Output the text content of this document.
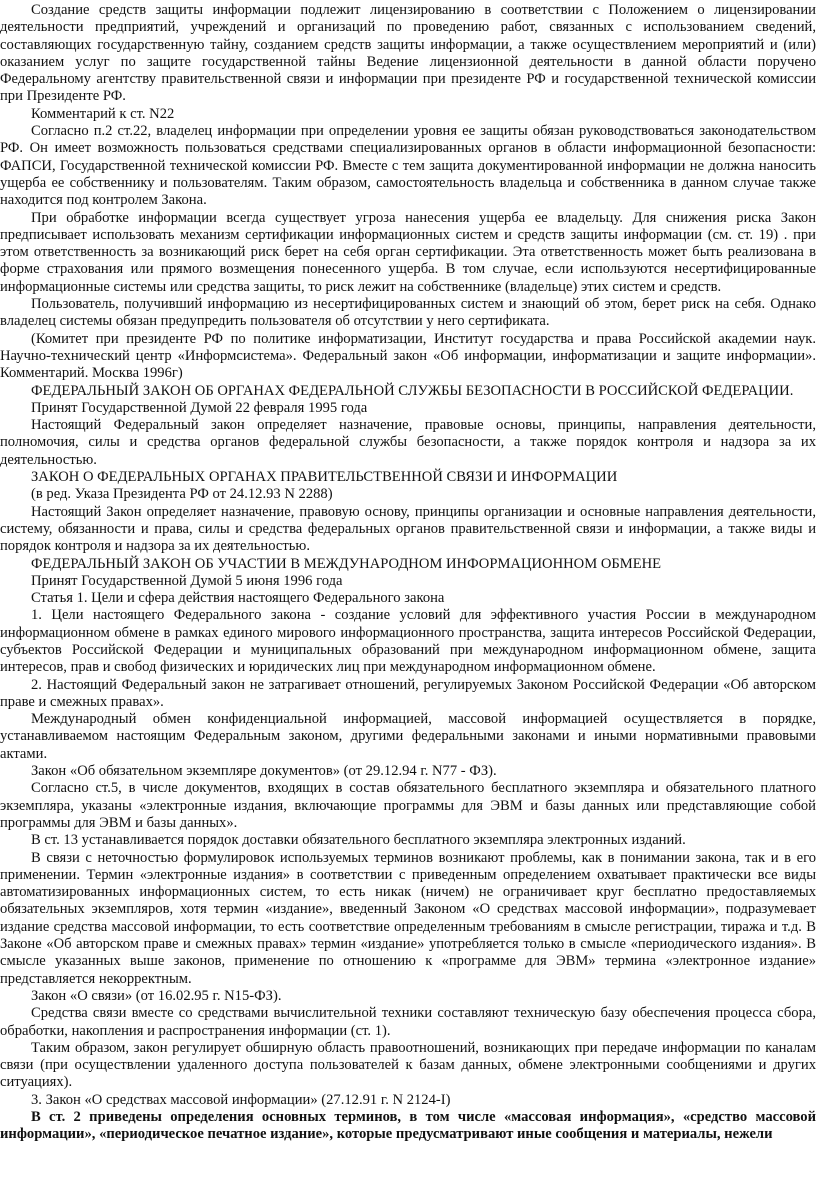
Создание средств защиты информации подлежит лицензированию в соответствии с Положением о лицензировании деятельности предприятий, учреждений и организаций по проведению работ, связанных с использованием сведений, составляющих государственную тайну, созданием средств защиты информации, а также осуществлением мероприятий и (или) оказанием услуг по защите государственной тайны Ведение лицензионной деятельности в данной области поручено Федеральному агентству правительственной связи и информации при президенте РФ и государственной технической комиссии при Президенте РФ.

Комментарий к ст. N22

Согласно п.2 ст.22, владелец информации при определении уровня ее защиты обязан руководствоваться законодательством РФ. Он имеет возможность пользоваться средствами специализированных органов в области информационной безопасности: ФАПСИ, Государственной технической комиссии РФ. Вместе с тем защита документированной информации не должна наносить ущерба ее собственнику и пользователям. Таким образом, самостоятельность владельца и собственника в данном случае также находится под контролем Закона.

При обработке информации всегда существует угроза нанесения ущерба ее владельцу. Для снижения риска Закон предписывает использовать механизм сертификации информационных систем и средств защиты информации (см. ст. 19) . при этом ответственность за возникающий риск берет на себя орган сертификации. Эта ответственность может быть реализована в форме страхования или прямого возмещения понесенного ущерба. В том случае, если используются несертифицированные информационные системы или средства защиты, то риск лежит на собственнике (владельце) этих систем и средств.

Пользователь, получивший информацию из несертифицированных систем и знающий об этом, берет риск на себя. Однако владелец системы обязан предупредить пользователя об отсутствии у него сертификата.

(Комитет при президенте РФ по политике информатизации, Институт государства и права Российской академии наук. Научно-технический центр «Информсистема». Федеральный закон «Об информации, информатизации и защите информации». Комментарий. Москва 1996г)

ФЕДЕРАЛЬНЫЙ ЗАКОН ОБ ОРГАНАХ ФЕДЕРАЛЬНОЙ СЛУЖБЫ БЕЗОПАСНОСТИ В РОССИЙСКОЙ ФЕДЕРАЦИИ.

Принят Государственной Думой 22 февраля 1995 года

Настоящий Федеральный закон определяет назначение, правовые основы, принципы, направления деятельности, полномочия, силы и средства органов федеральной службы безопасности, а также порядок контроля и надзора за их деятельностью.

ЗАКОН О ФЕДЕРАЛЬНЫХ ОРГАНАХ ПРАВИТЕЛЬСТВЕННОЙ СВЯЗИ И ИНФОРМАЦИИ

(в ред. Указа Президента РФ от 24.12.93 N 2288)

Настоящий Закон определяет назначение, правовую основу, принципы организации и основные направления деятельности, систему, обязанности и права, силы и средства федеральных органов правительственной связи и информации, а также виды и порядок контроля и надзора за их деятельностью.

ФЕДЕРАЛЬНЫЙ ЗАКОН ОБ УЧАСТИИ В МЕЖДУНАРОДНОМ ИНФОРМАЦИОННОМ ОБМЕНЕ

Принят Государственной Думой 5 июня 1996 года

Статья 1. Цели и сфера действия настоящего Федерального закона

1. Цели настоящего Федерального закона - создание условий для эффективного участия России в международном информационном обмене в рамках единого мирового информационного пространства, защита интересов Российской Федерации, субъектов Российской Федерации и муниципальных образований при международном информационном обмене, защита интересов, прав и свобод физических и юридических лиц при международном информационном обмене.

2. Настоящий Федеральный закон не затрагивает отношений, регулируемых Законом Российской Федерации «Об авторском праве и смежных правах».

Международный обмен конфиденциальной информацией, массовой информацией осуществляется в порядке, устанавливаемом настоящим Федеральным законом, другими федеральными законами и иными нормативными правовыми актами.

Закон «Об обязательном экземпляре документов» (от 29.12.94 г. N77 - ФЗ).

Согласно ст.5, в числе документов, входящих в состав обязательного бесплатного экземпляра и обязательного платного экземпляра, указаны «электронные издания, включающие программы для ЭВМ и базы данных или представляющие собой программы для ЭВМ и базы данных».

В ст. 13 устанавливается порядок доставки обязательного бесплатного экземпляра электронных изданий.

В связи с неточностью формулировок используемых терминов возникают проблемы, как в понимании закона, так и в его применении. Термин «электронные издания» в соответствии с приведенным определением охватывает практически все виды автоматизированных информационных систем, то есть никак (ничем) не ограничивает круг бесплатно предоставляемых обязательных экземпляров, хотя термин «издание», введенный Законом «О средствах массовой информации», подразумевает издание средства массовой информации, то есть соответствие определенным требованиям в смысле регистрации, тиража и т.д. В Законе «Об авторском праве и смежных правах» термин «издание» употребляется только в смысле «периодического издания». В смысле указанных выше законов, применение по отношению к «программе для ЭВМ» термина «электронное издание» представляется некорректным.

Закон «О связи» (от 16.02.95 г. N15-ФЗ).

Средства связи вместе со средствами вычислительной техники составляют техническую базу обеспечения процесса сбора, обработки, накопления и распространения информации (ст. 1).

Таким образом, закон регулирует обширную область правоотношений, возникающих при передаче информации по каналам связи (при осуществлении удаленного доступа пользователей к базам данных, обмене электронными сообщениями и других ситуациях).

3. Закон «О средствах массовой информации» (27.12.91 г. N 2124-I)

В ст. 2 приведены определения основных терминов, в том числе «массовая информация», «средство массовой информации», «периодическое печатное издание», которые предусматривают иные сообщения и материалы, нежели
